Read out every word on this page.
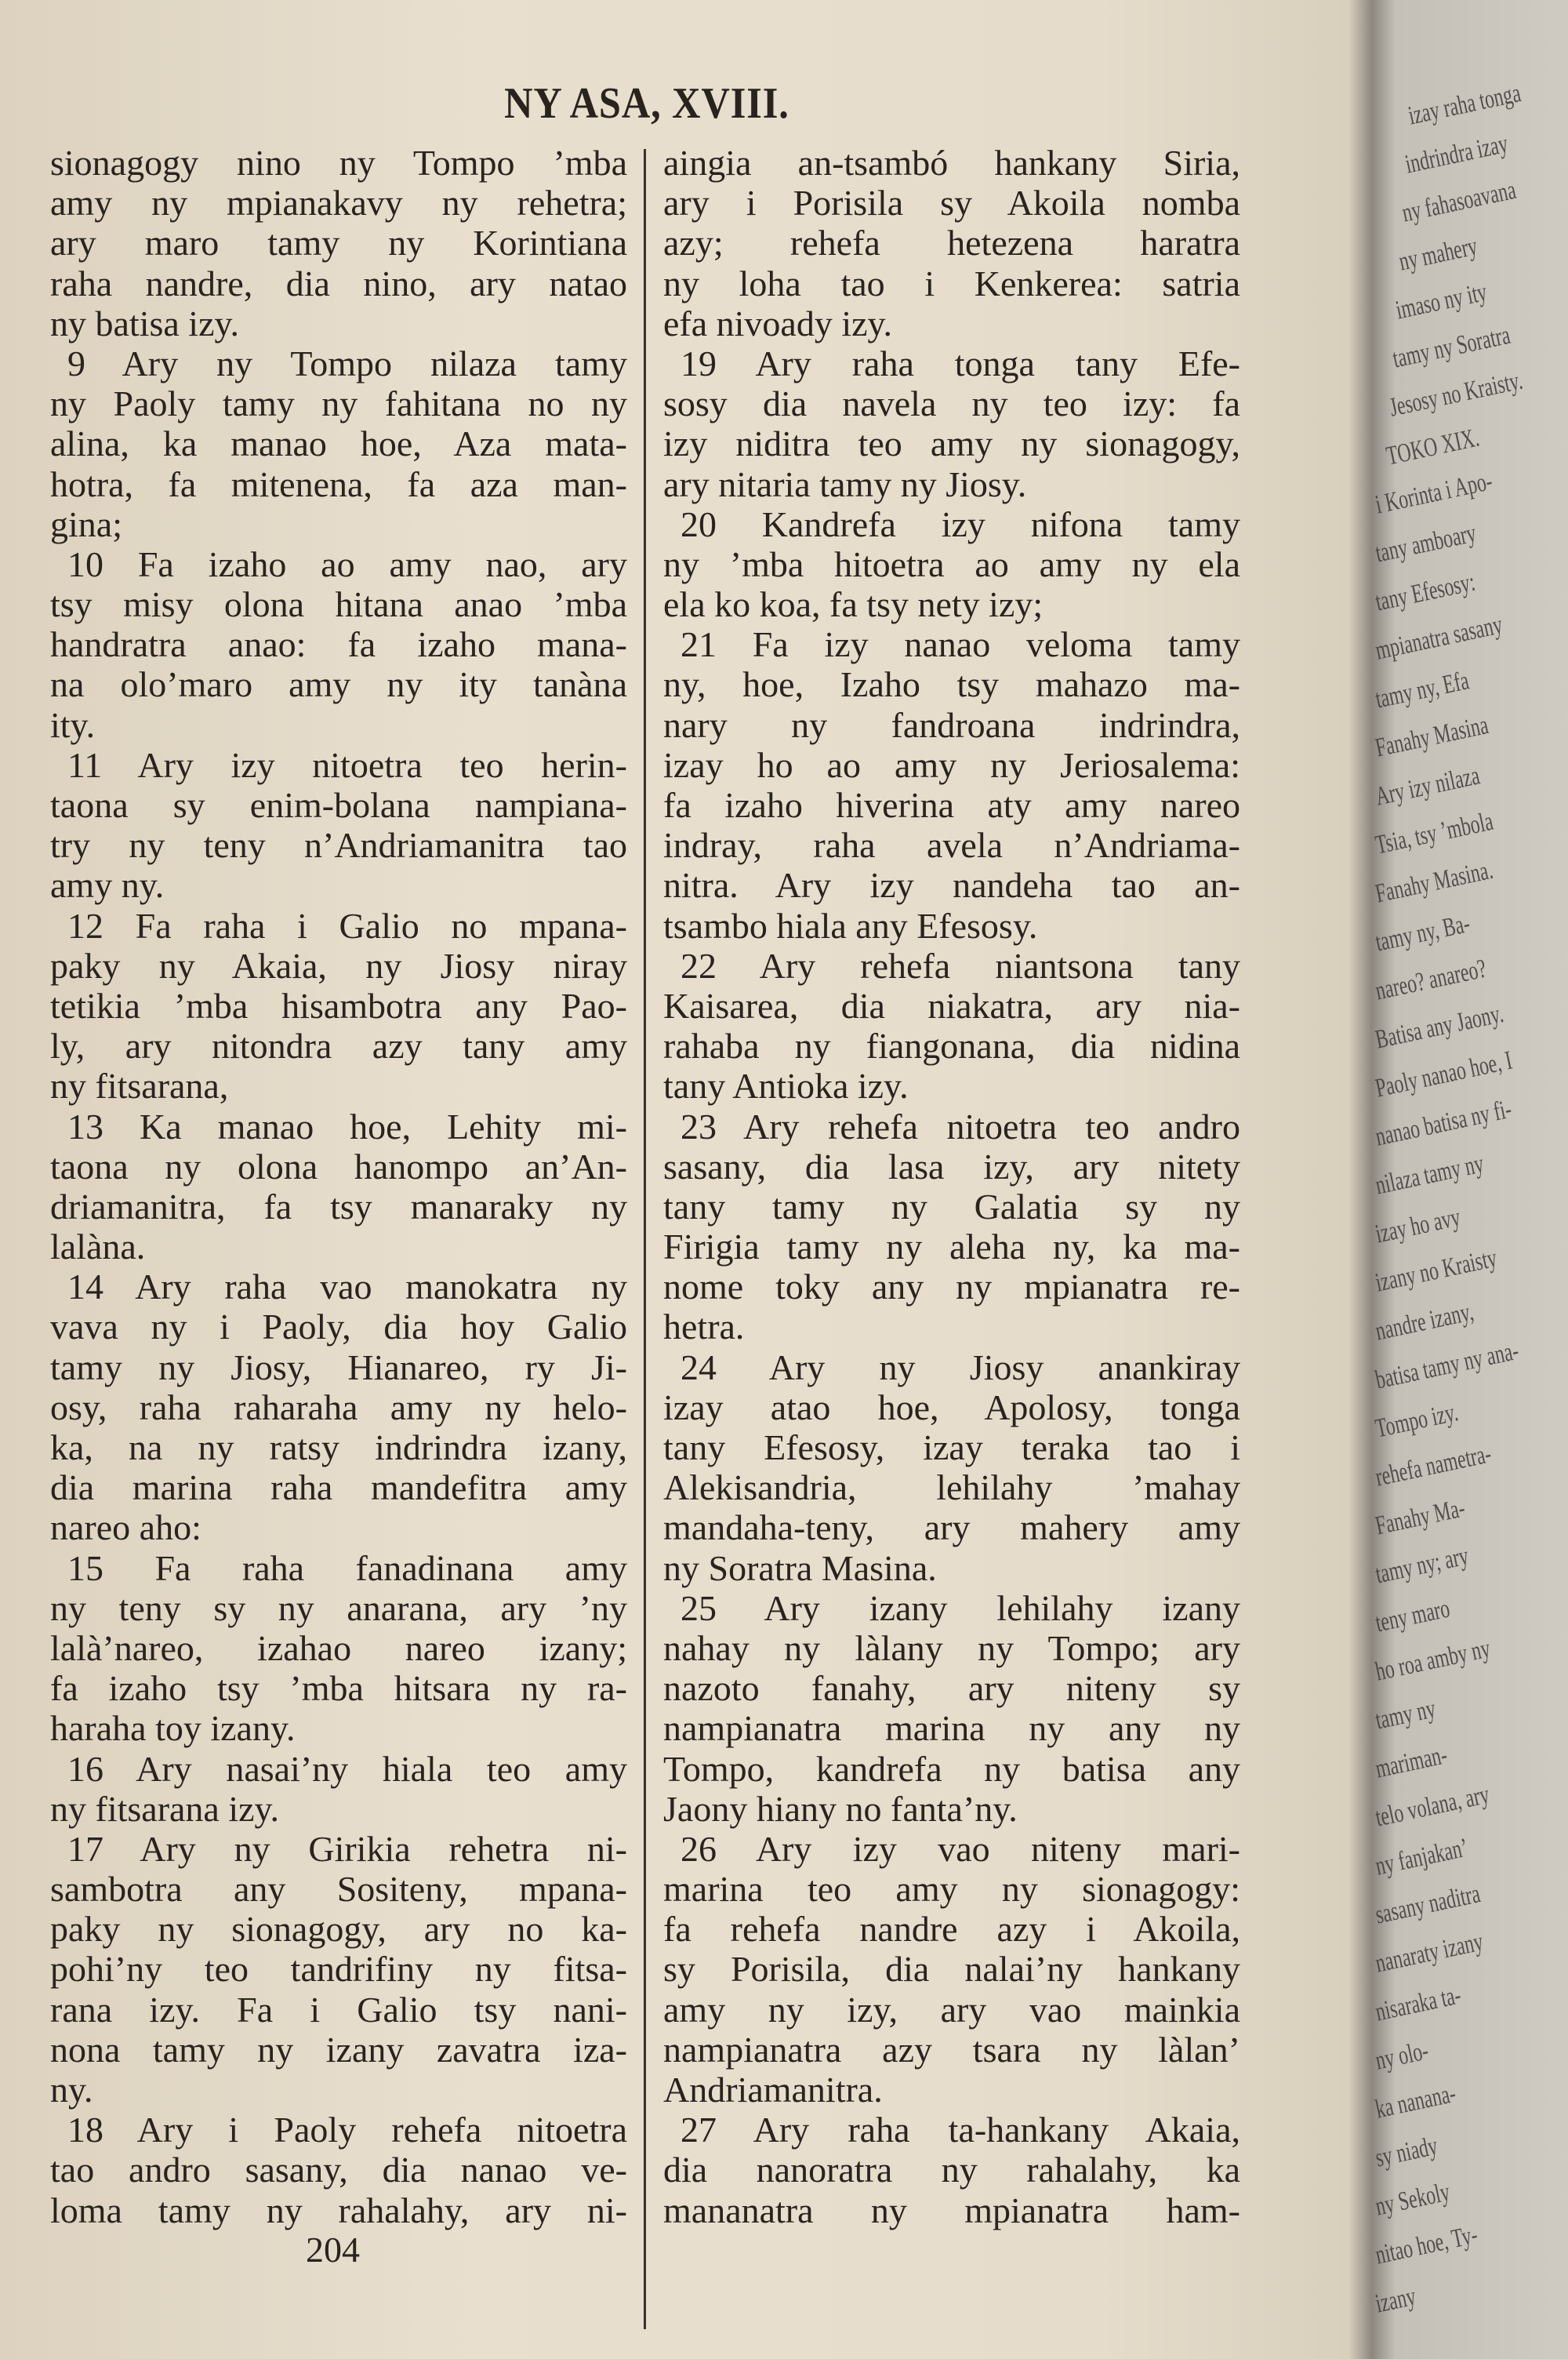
NY ASA, XVIII.
sionagogy nino ny Tompo ’mba
amy ny mpianakavy ny rehetra;
ary maro tamy ny Korintiana
raha nandre, dia nino, ary natao
ny batisa izy.
9 Ary ny Tompo nilaza tamy
ny Paoly tamy ny fahitana no ny
alina, ka manao hoe, Aza mata-
hotra, fa mitenena, fa aza man-
gina;
10 Fa izaho ao amy nao, ary
tsy misy olona hitana anao ’mba
handratra anao: fa izaho mana-
na olo’maro amy ny ity tanàna
ity.
11 Ary izy nitoetra teo herin-
taona sy enim-bolana nampiana-
try ny teny n’Andriamanitra tao
amy ny.
12 Fa raha i Galio no mpana-
paky ny Akaia, ny Jiosy niray
tetikia ’mba hisambotra any Pao-
ly, ary nitondra azy tany amy
ny fitsarana,
13 Ka manao hoe, Lehity mi-
taona ny olona hanompo an’An-
driamanitra, fa tsy manaraky ny
lalàna.
14 Ary raha vao manokatra ny
vava ny i Paoly, dia hoy Galio
tamy ny Jiosy, Hianareo, ry Ji-
osy, raha raharaha amy ny helo-
ka, na ny ratsy indrindra izany,
dia marina raha mandefitra amy
nareo aho:
15 Fa raha fanadinana amy
ny teny sy ny anarana, ary ’ny
lalà’nareo, izahao nareo izany;
fa izaho tsy ’mba hitsara ny ra-
haraha toy izany.
16 Ary nasai’ny hiala teo amy
ny fitsarana izy.
17 Ary ny Girikia rehetra ni-
sambotra any Sositeny, mpana-
paky ny sionagogy, ary no ka-
pohi’ny teo tandrifiny ny fitsa-
rana izy. Fa i Galio tsy nani-
nona tamy ny izany zavatra iza-
ny.
18 Ary i Paoly rehefa nitoetra
tao andro sasany, dia nanao ve-
loma tamy ny rahalahy, ary ni-
aingia an-tsambó hankany Siria,
ary i Porisila sy Akoila nomba
azy; rehefa hetezena haratra
ny loha tao i Kenkerea: satria
efa nivoady izy.
19 Ary raha tonga tany Efe-
sosy dia navela ny teo izy: fa
izy niditra teo amy ny sionagogy,
ary nitaria tamy ny Jiosy.
20 Kandrefa izy nifona tamy
ny ’mba hitoetra ao amy ny ela
ela ko koa, fa tsy nety izy;
21 Fa izy nanao veloma tamy
ny, hoe, Izaho tsy mahazo ma-
nary ny fandroana indrindra,
izay ho ao amy ny Jeriosalema:
fa izaho hiverina aty amy nareo
indray, raha avela n’Andriama-
nitra. Ary izy nandeha tao an-
tsambo hiala any Efesosy.
22 Ary rehefa niantsona tany
Kaisarea, dia niakatra, ary nia-
rahaba ny fiangonana, dia nidina
tany Antioka izy.
23 Ary rehefa nitoetra teo andro
sasany, dia lasa izy, ary nitety
tany tamy ny Galatia sy ny
Firigia tamy ny aleha ny, ka ma-
nome toky any ny mpianatra re-
hetra.
24 Ary ny Jiosy anankiray
izay atao hoe, Apolosy, tonga
tany Efesosy, izay teraka tao i
Alekisandria, lehilahy ’mahay
mandaha-teny, ary mahery amy
ny Soratra Masina.
25 Ary izany lehilahy izany
nahay ny làlany ny Tompo; ary
nazoto fanahy, ary niteny sy
nampianatra marina ny any ny
Tompo, kandrefa ny batisa any
Jaony hiany no fanta’ny.
26 Ary izy vao niteny mari-
marina teo amy ny sionagogy:
fa rehefa nandre azy i Akoila,
sy Porisila, dia nalai’ny hankany
amy ny izy, ary vao mainkia
nampianatra azy tsara ny làlan’
Andriamanitra.
27 Ary raha ta-hankany Akaia,
dia nanoratra ny rahalahy, ka
mananatra ny mpianatra ham-
204
izay raha tonga
indrindra izay
ny fahasoavana
ny mahery
imaso ny ity
tamy ny Soratra
Jesosy no Kraisty.
TOKO XIX.
i Korinta i Apo-
tany amboary
tany Efesosy:
mpianatra sasany
tamy ny, Efa
Fanahy Masina
Ary izy nilaza
Tsia, tsy ’mbola
Fanahy Masina.
tamy ny, Ba-
nareo? anareo?
Batisa any Jaony.
Paoly nanao hoe, I
nanao batisa ny fi-
nilaza tamy ny
izay ho avy
izany no Kraisty
nandre izany,
batisa tamy ny ana-
Tompo izy.
rehefa nametra-
Fanahy Ma-
tamy ny; ary
teny maro
ho roa amby ny
tamy ny
mariman-
telo volana, ary
ny fanjakan’
sasany naditra
nanaraty izany
nisaraka ta-
ny olo-
ka nanana-
sy niady
ny Sekoly
nitao hoe, Ty-
izany
